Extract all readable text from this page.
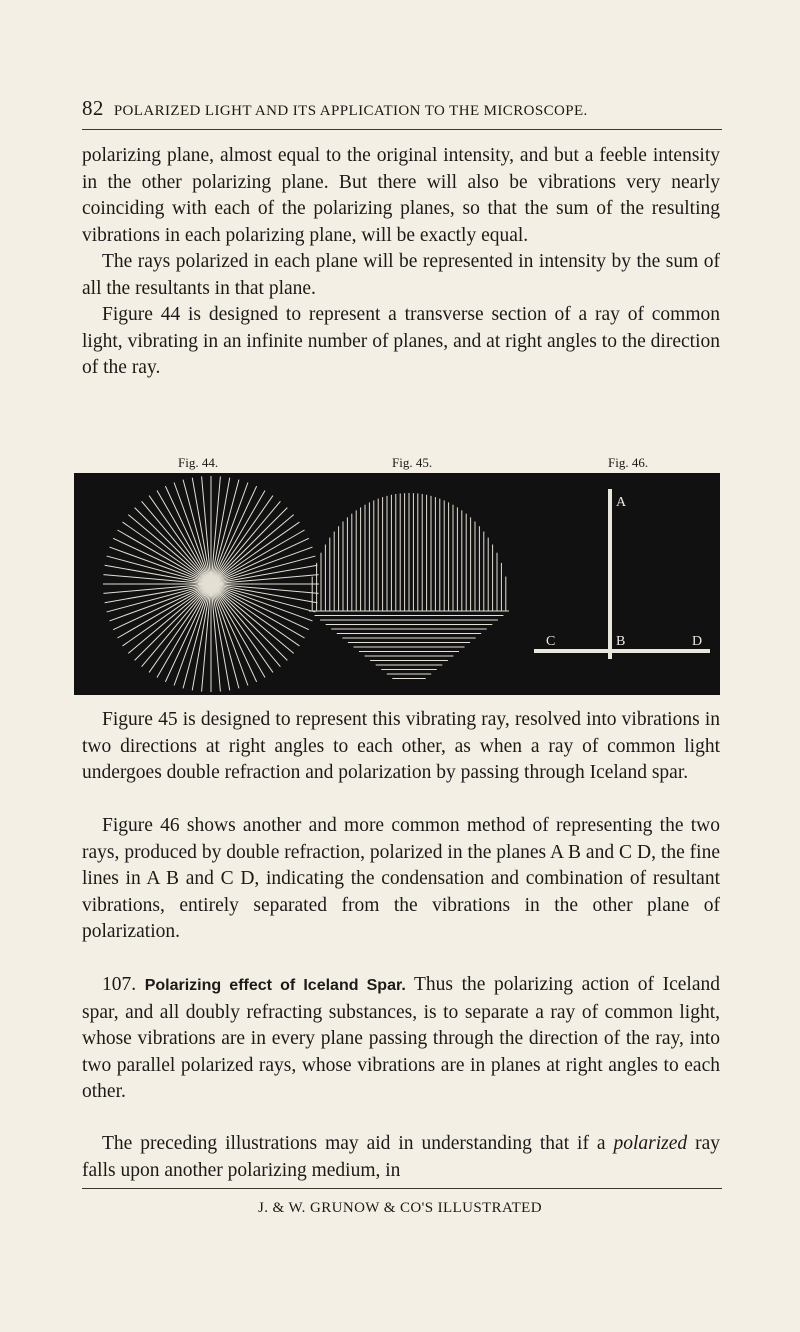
82 POLARIZED LIGHT AND ITS APPLICATION TO THE MICROSCOPE.

polarizing plane, almost equal to the original intensity, and but a feeble intensity in the other polarizing plane. But there will also be vibrations very nearly coinciding with each of the polarizing planes, so that the sum of the resulting vibrations in each polarizing plane, will be exactly equal.

The rays polarized in each plane will be represented in intensity by the sum of all the resultants in that plane.

Figure 44 is designed to represent a transverse section of a ray of common light, vibrating in an infinite number of planes, and at right angles to the direction of the ray.

Fig. 44.	Fig. 45.	Fig. 46.
A
B
C	D

Figure 45 is designed to represent this vibrating ray, resolved into vibrations in two directions at right angles to each other, as when a ray of common light undergoes double refraction and polarization by passing through Iceland spar.

Figure 46 shows another and more common method of representing the two rays, produced by double refraction, polarized in the planes A B and C D, the fine lines in A B and C D, indicating the condensation and combination of resultant vibrations, entirely separated from the vibrations in the other plane of polarization.

107. Polarizing effect of Iceland Spar. Thus the polarizing action of Iceland spar, and all doubly refracting substances, is to separate a ray of common light, whose vibrations are in every plane passing through the direction of the ray, into two parallel polarized rays, whose vibrations are in planes at right angles to each other.

The preceding illustrations may aid in understanding that if a polarized ray falls upon another polarizing medium, in

J. & W. GRUNOW & CO'S ILLUSTRATED
